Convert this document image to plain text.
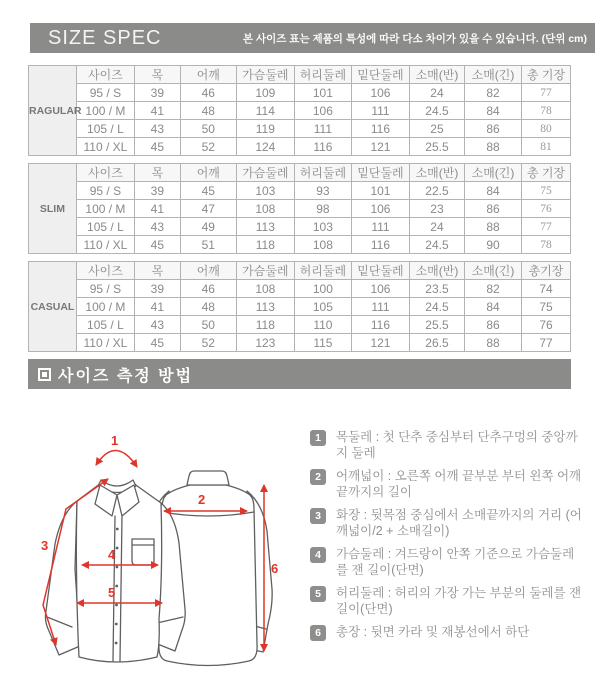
SIZE SPEC	본 사이즈 표는 제품의 특성에 따라 다소 차이가 있을 수 있습니다. (단위 cm)
RAGULAR	사이즈	목	어깨	가슴둘레	허리둘레	밑단둘레	소매(반)	소매(긴)	총 기장
	95 / S	39	46	109	101	106	24	82	77
	100 / M	41	48	114	106	111	24.5	84	78
	105 / L	43	50	119	111	116	25	86	80
	110 / XL	45	52	124	116	121	25.5	88	81
SLIM	사이즈	목	어깨	가슴둘레	허리둘레	밑단둘레	소매(반)	소매(긴)	총 기장
	95 / S	39	45	103	93	101	22.5	84	75
	100 / M	41	47	108	98	106	23	86	76
	105 / L	43	49	113	103	111	24	88	77
	110 / XL	45	51	118	108	116	24.5	90	78
CASUAL	사이즈	목	어깨	가슴둘레	허리둘레	밑단둘레	소매(반)	소매(긴)	총기장
	95 / S	39	46	108	100	106	23.5	82	74
	100 / M	41	48	113	105	111	24.5	84	75
	105 / L	43	50	118	110	116	25.5	86	76
	110 / XL	45	52	123	115	121	26.5	88	77
사이즈 측정 방법
1
2
3
4
5
6
1	목둘레 : 첫 단추 중심부터 단추구멍의 중앙까지 둘레
2	어깨넓이 : 오른쪽 어깨 끝부분 부터 왼쪽 어깨 끝까지의 길이
3	화장 : 뒷목점 중심에서 소매끝까지의 거리 (어깨넓이/2 + 소매길이)
4	가슴둘레 : 겨드랑이 안쪽 기준으로 가슴둘레를 잰 길이(단면)
5	허리둘레 : 허리의 가장 가는 부분의 둘레를 잰 길이(단면)
6	총장 : 뒷면 카라 및 재봉선에서 하단
